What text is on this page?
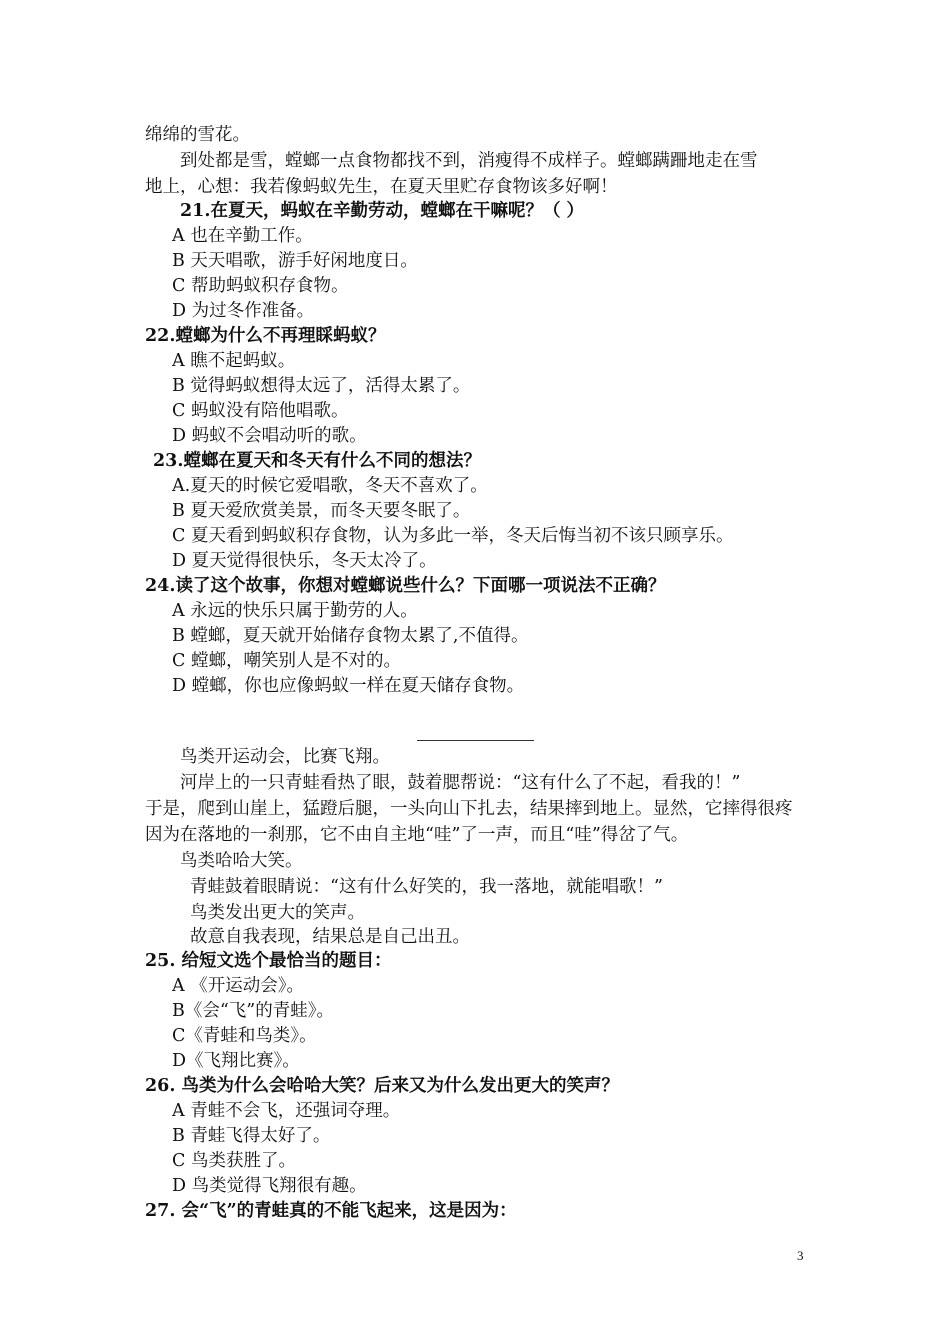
绵绵的雪花。
到处都是雪，螳螂一点食物都找不到，消瘦得不成样子。螳螂蹒跚地走在雪
地上，心想：我若像蚂蚁先生，在夏天里贮存食物该多好啊！
21.在夏天，蚂蚁在辛勤劳动，螳螂在干嘛呢？（ ）
A 也在辛勤工作。
B 天天唱歌，游手好闲地度日。
C 帮助蚂蚁积存食物。
D 为过冬作准备。
22.螳螂为什么不再理睬蚂蚁？
A 瞧不起蚂蚁。
B 觉得蚂蚁想得太远了，活得太累了。
C 蚂蚁没有陪他唱歌。
D 蚂蚁不会唱动听的歌。
23.螳螂在夏天和冬天有什么不同的想法？
A.夏天的时候它爱唱歌，冬天不喜欢了。
B 夏天爱欣赏美景，而冬天要冬眠了。
C 夏天看到蚂蚁积存食物，认为多此一举，冬天后悔当初不该只顾享乐。
D 夏天觉得很快乐，冬天太冷了。
24.读了这个故事，你想对螳螂说些什么？下面哪一项说法不正确？
A 永远的快乐只属于勤劳的人。
B 螳螂，夏天就开始储存食物太累了,不值得。
C 螳螂，嘲笑别人是不对的。
D 螳螂，你也应像蚂蚁一样在夏天储存食物。
鸟类开运动会，比赛飞翔。
河岸上的一只青蛙看热了眼，鼓着腮帮说：“这有什么了不起，看我的！”
于是，爬到山崖上，猛蹬后腿，一头向山下扎去，结果摔到地上。显然，它摔得很疼
因为在落地的一刹那，它不由自主地“哇”了一声，而且“哇”得岔了气。
鸟类哈哈大笑。
青蛙鼓着眼睛说：“这有什么好笑的，我一落地，就能唱歌！”
鸟类发出更大的笑声。
故意自我表现，结果总是自己出丑。
25. 给短文选个最恰当的题目：
A 《开运动会》。
B《会“飞”的青蛙》。
C《青蛙和鸟类》。
D《飞翔比赛》。
26. 鸟类为什么会哈哈大笑？后来又为什么发出更大的笑声？
A 青蛙不会飞，还强词夺理。
B 青蛙飞得太好了。
C 鸟类获胜了。
D 鸟类觉得飞翔很有趣。
27. 会“飞”的青蛙真的不能飞起来，这是因为：
3
